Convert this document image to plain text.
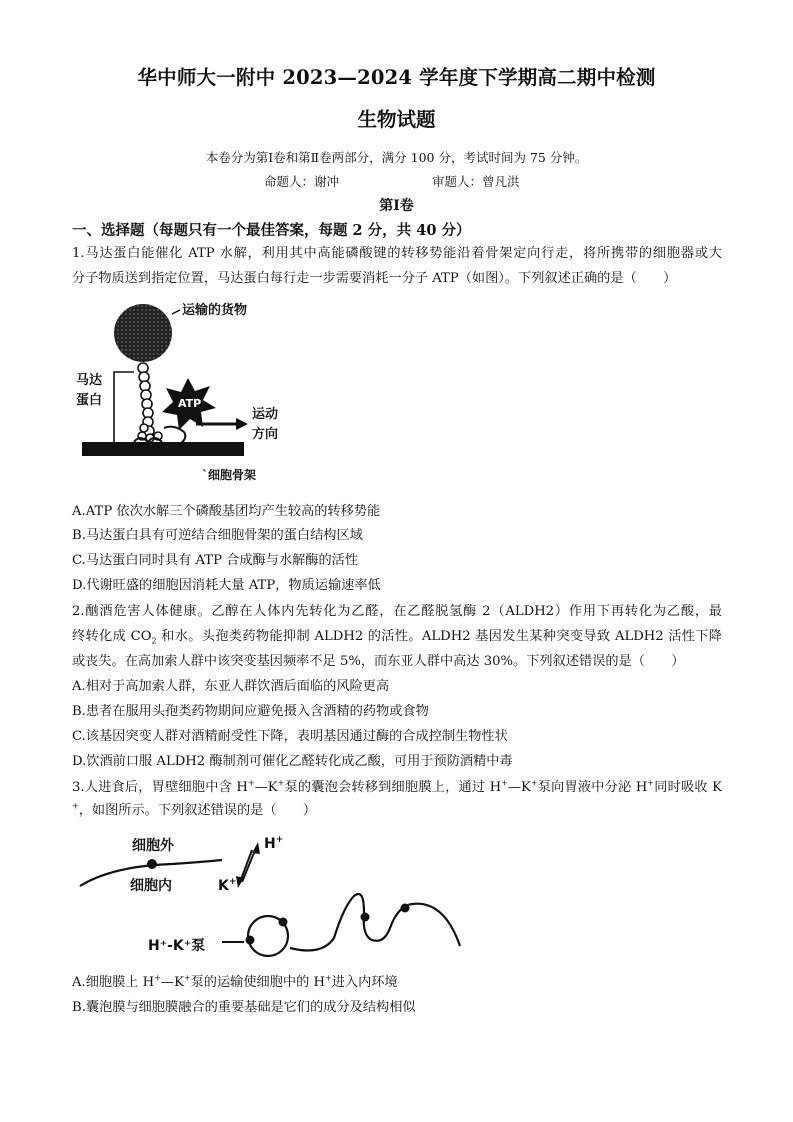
华中师大一附中 2023—2024 学年度下学期高二期中检测
生物试题
本卷分为第Ⅰ卷和第Ⅱ卷两部分，满分 100 分，考试时间为 75 分钟。
命题人：谢冲	审题人：曾凡洪
第Ⅰ卷
一、选择题（每题只有一个最佳答案，每题 2 分，共 40 分）
1.马达蛋白能催化 ATP 水解，利用其中高能磷酸键的转移势能沿着骨架定向行走，将所携带的细胞器或大
分子物质送到指定位置，马达蛋白每行走一步需要消耗一分子 ATP（如图）。下列叙述正确的是（　　）
运输的货物
马达
蛋白	ATP
运动
方向
`细胞骨架
A.ATP 依次水解三个磷酸基团均产生较高的转移势能
B.马达蛋白具有可逆结合细胞骨架的蛋白结构区域
C.马达蛋白同时具有 ATP 合成酶与水解酶的活性
D.代谢旺盛的细胞因消耗大量 ATP，物质运输速率低
2.酗酒危害人体健康。乙醇在人体内先转化为乙醛，在乙醛脱氢酶 2（ALDH2）作用下再转化为乙酸，最
终转化成 $CO_2$ 和水。头孢类药物能抑制 ALDH2 的活性。ALDH2 基因发生某种突变导致 ALDH2 活性下降
或丧失。在高加索人群中该突变基因频率不足 5%，而东亚人群中高达 30%。下列叙述错误的是（　　）
A.相对于高加索人群，东亚人群饮酒后面临的风险更高
B.患者在服用头孢类药物期间应避免摄入含酒精的药物或食物
C.该基因突变人群对酒精耐受性下降，表明基因通过酶的合成控制生物性状
D.饮酒前口服 ALDH2 酶制剂可催化乙醛转化成乙酸，可用于预防酒精中毒
3.人进食后，胃壁细胞中含 H+—K+泵的囊泡会转移到细胞膜上，通过 H+—K+泵向胃液中分泌 H+同时吸收 K
+，如图所示。下列叙述错误的是（　　）
细胞外
细胞内
H+
K+
H⁺-K⁺泵
A.细胞膜上 H+—K+泵的运输使细胞中的 H+进入内环境
B.囊泡膜与细胞膜融合的重要基础是它们的成分及结构相似
